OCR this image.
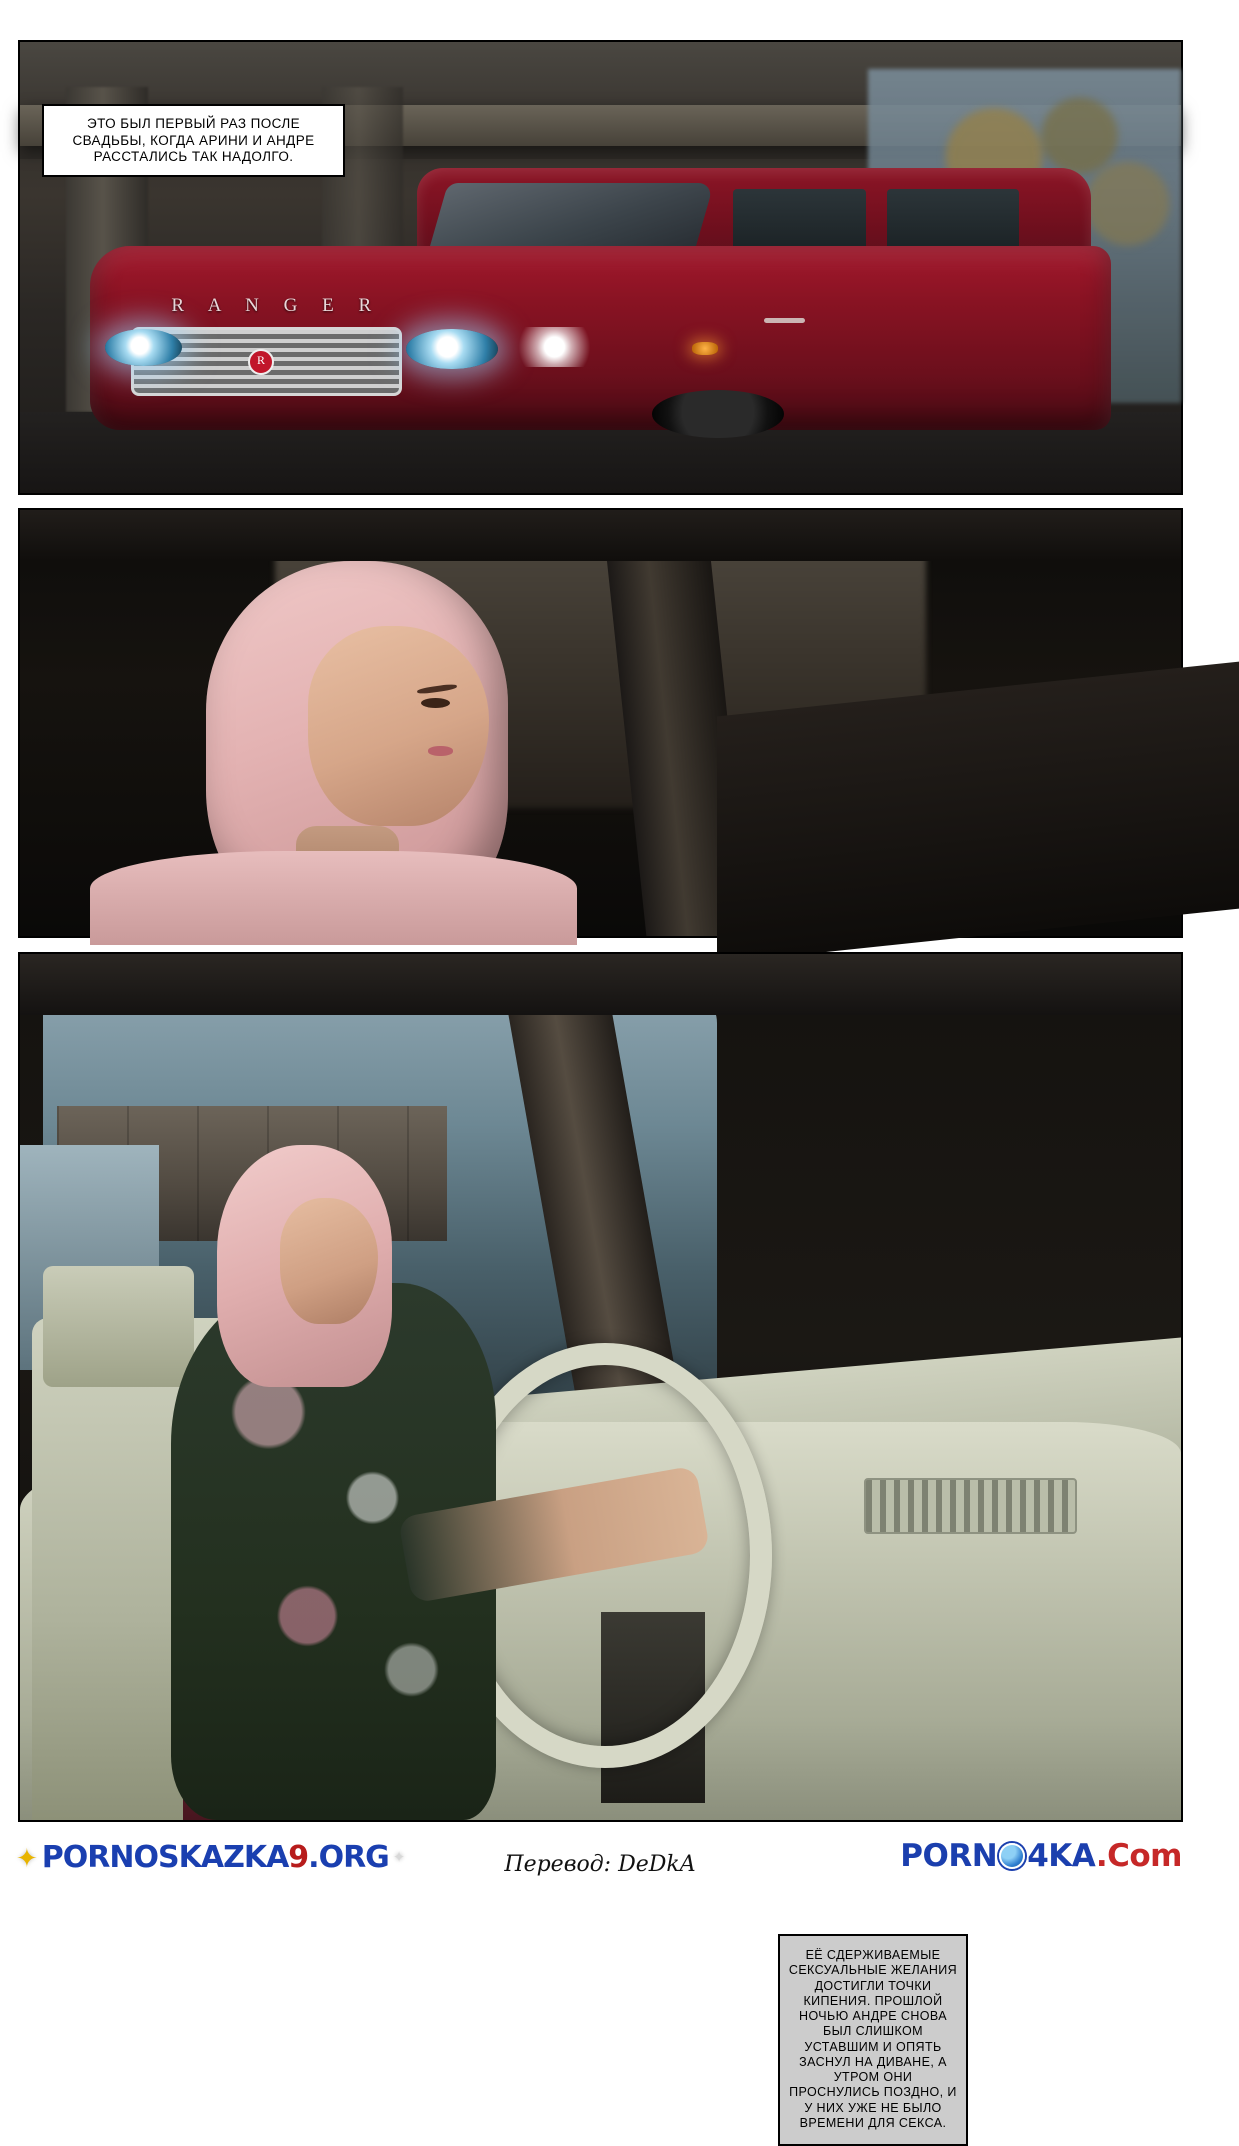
R A N G E R
R
ЭТО БЫЛ ПЕРВЫЙ РАЗ ПОСЛЕ СВАДЬБЫ, КОГДА АРИНИ И АНДРЕ РАССТАЛИСЬ ТАК НАДОЛГО.
ЕЁ СДЕРЖИВАЕМЫЕ СЕКСУАЛЬНЫЕ ЖЕЛАНИЯ ДОСТИГЛИ ТОЧКИ КИПЕНИЯ. ПРОШЛОЙ НОЧЬЮ АНДРЕ СНОВА БЫЛ СЛИШКОМ УСТАВШИМ И ОПЯТЬ ЗАСНУЛ НА ДИВАНЕ, А УТРОМ ОНИ ПРОСНУЛИСЬ ПОЗДНО, И У НИХ УЖЕ НЕ БЫЛО ВРЕМЕНИ ДЛЯ СЕКСА.
✦ PORNOSKAZKA9.ORG ✦	Перевод: DeDkA	PORN 4KA.Com
